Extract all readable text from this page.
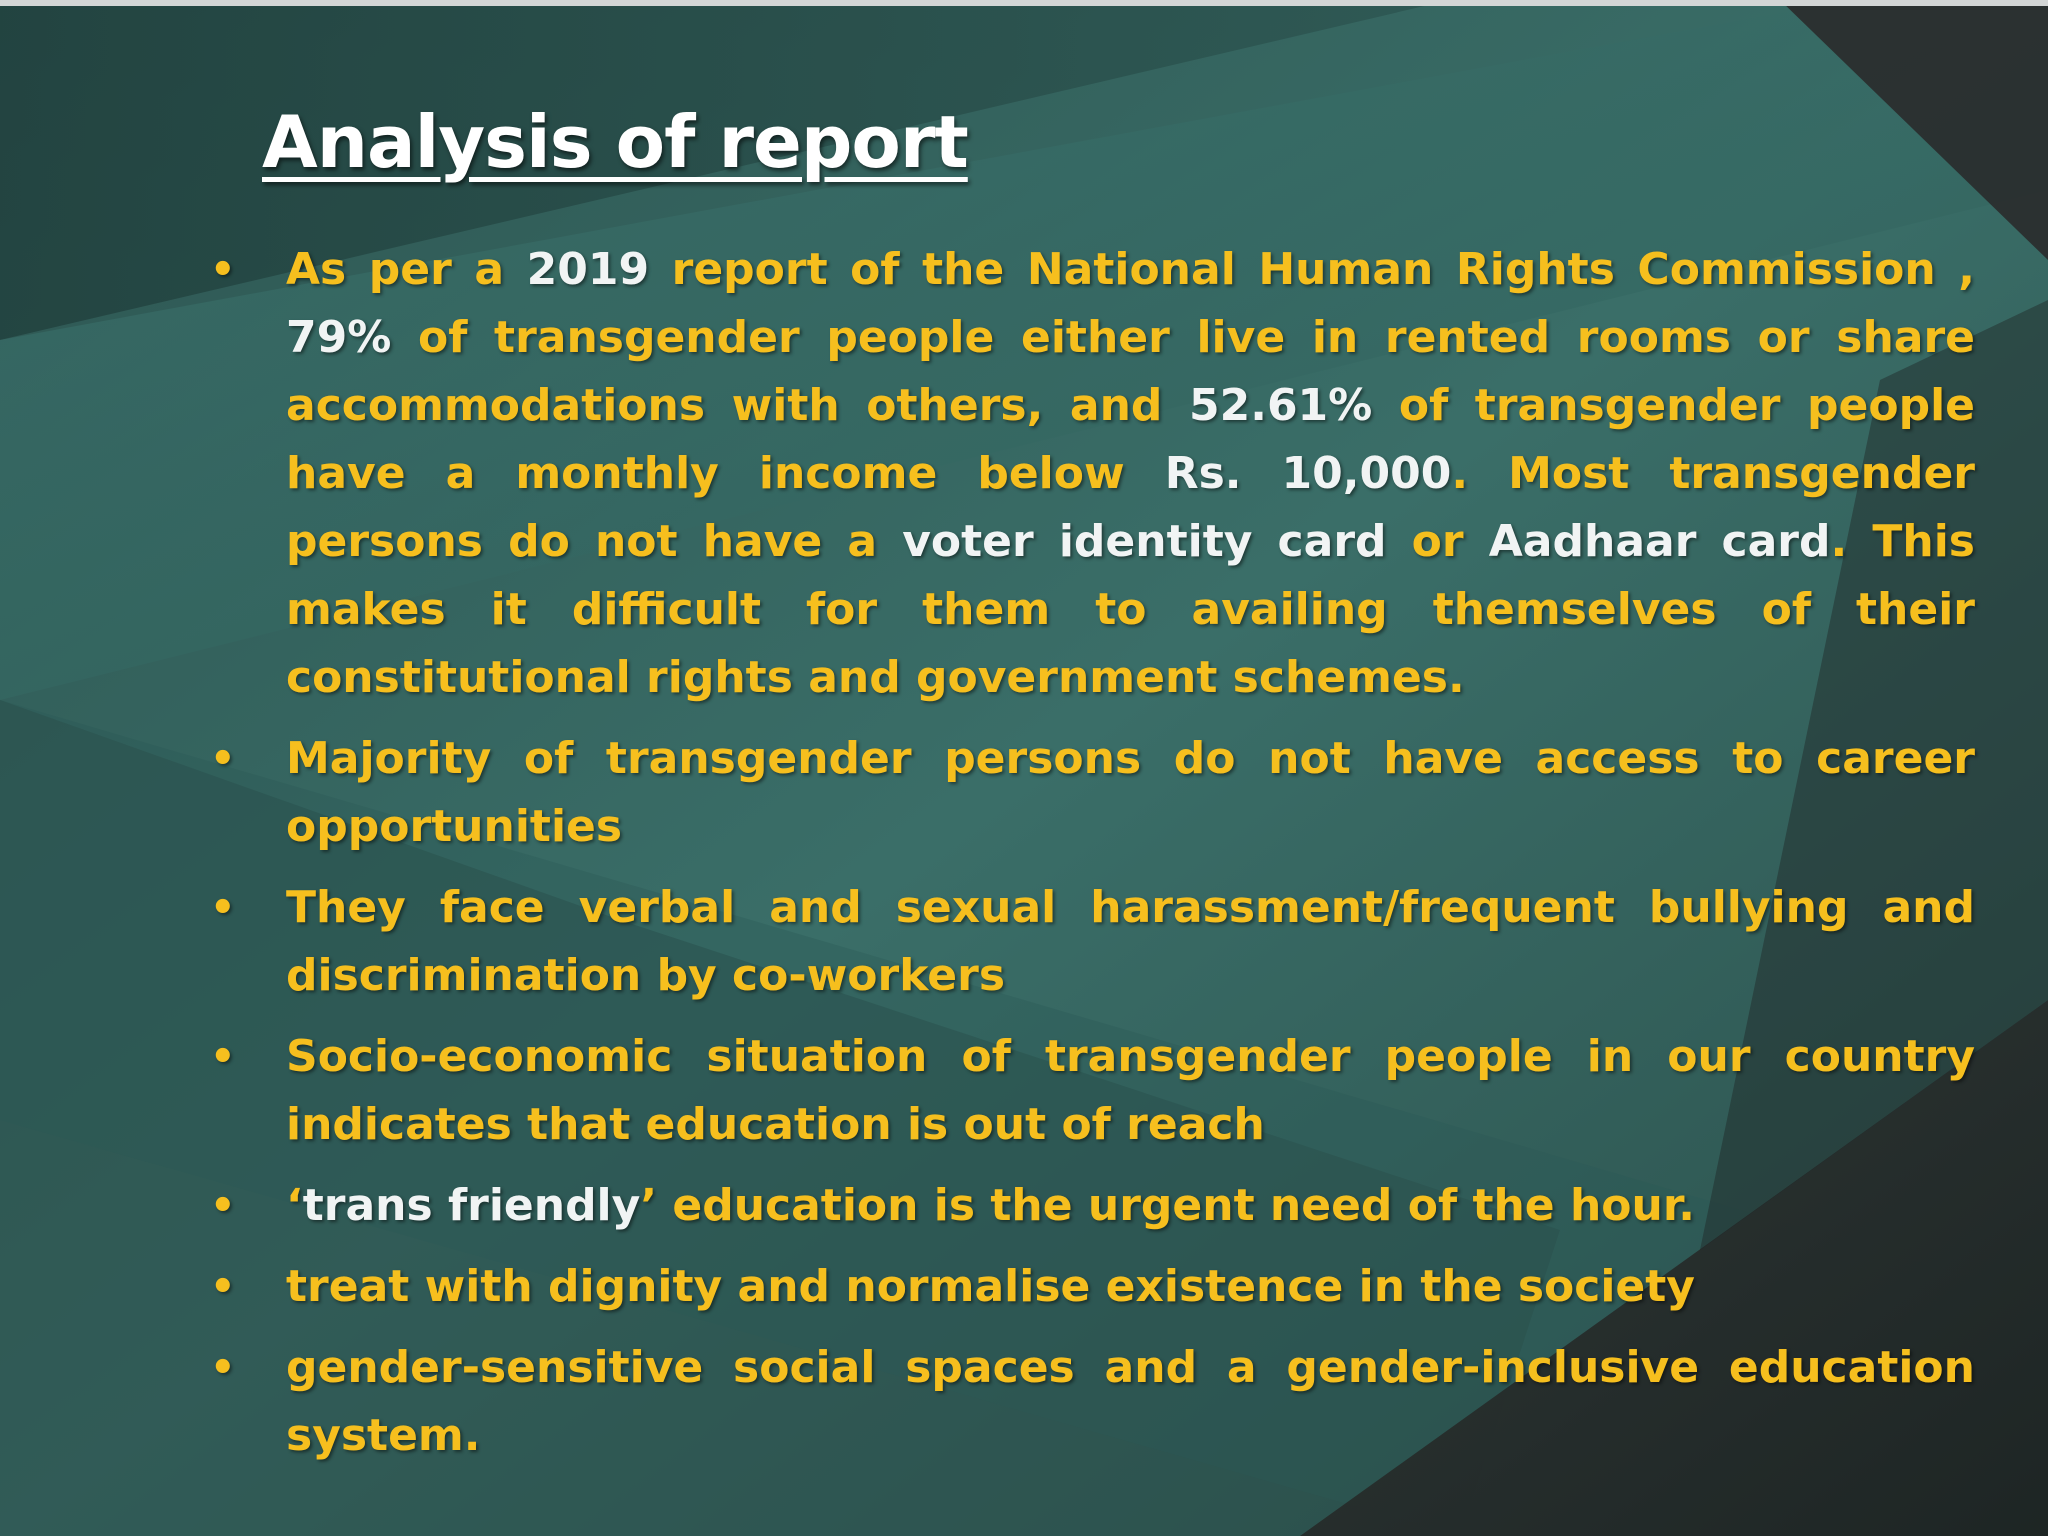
Analysis of report
• As per a 2019 report of the National Human Rights Commission , 79% of transgender people either live in rented rooms or share accommodations with others, and 52.61% of transgender people have a monthly income below Rs. 10,000. Most transgender persons do not have a voter identity card or Aadhaar card. This makes it difficult for them to availing themselves of their constitutional rights and government schemes.
• Majority of transgender persons do not have access to career opportunities
• They face verbal and sexual harassment/frequent bullying and discrimination by co-workers
• Socio-economic situation of transgender people in our country indicates that education is out of reach
• ‘trans friendly’ education is the urgent need of the hour.
• treat with dignity and normalise existence in the society
• gender-sensitive social spaces and a gender-inclusive education system.
